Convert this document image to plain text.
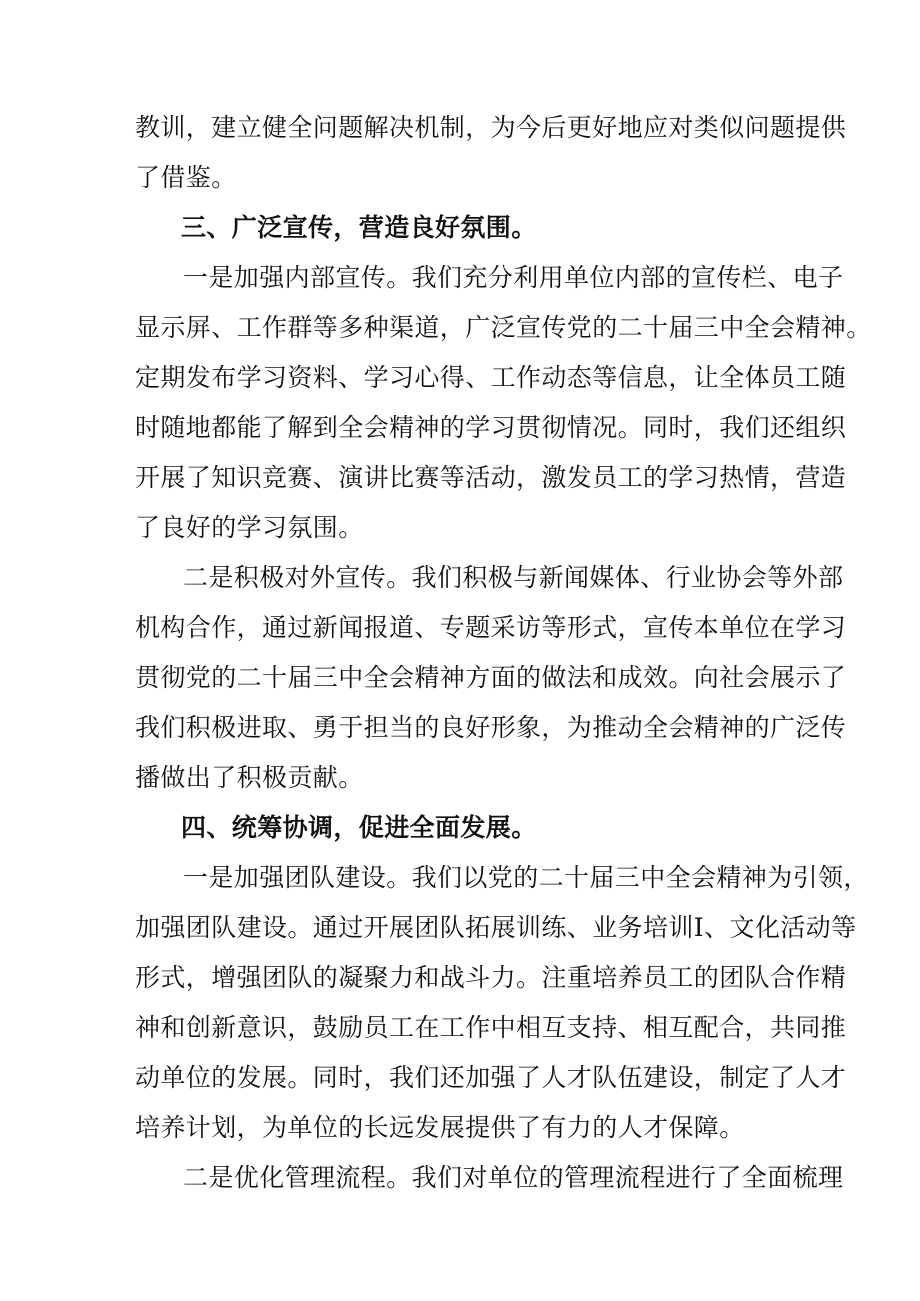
教训，建立健全问题解决机制，为今后更好地应对类似问题提供
了借鉴。
三、广泛宣传，营造良好氛围。
一是加强内部宣传。我们充分利用单位内部的宣传栏、电子
显示屏、工作群等多种渠道，广泛宣传党的二十届三中全会精神。
定期发布学习资料、学习心得、工作动态等信息，让全体员工随
时随地都能了解到全会精神的学习贯彻情况。同时，我们还组织
开展了知识竞赛、演讲比赛等活动，激发员工的学习热情，营造
了良好的学习氛围。
二是积极对外宣传。我们积极与新闻媒体、行业协会等外部
机构合作，通过新闻报道、专题采访等形式，宣传本单位在学习
贯彻党的二十届三中全会精神方面的做法和成效。向社会展示了
我们积极进取、勇于担当的良好形象，为推动全会精神的广泛传
播做出了积极贡献。
四、统筹协调，促进全面发展。
一是加强团队建设。我们以党的二十届三中全会精神为引领，
加强团队建设。通过开展团队拓展训练、业务培训I、文化活动等
形式，增强团队的凝聚力和战斗力。注重培养员工的团队合作精
神和创新意识，鼓励员工在工作中相互支持、相互配合，共同推
动单位的发展。同时，我们还加强了人才队伍建设，制定了人才
培养计划，为单位的长远发展提供了有力的人才保障。
二是优化管理流程。我们对单位的管理流程进行了全面梳理
